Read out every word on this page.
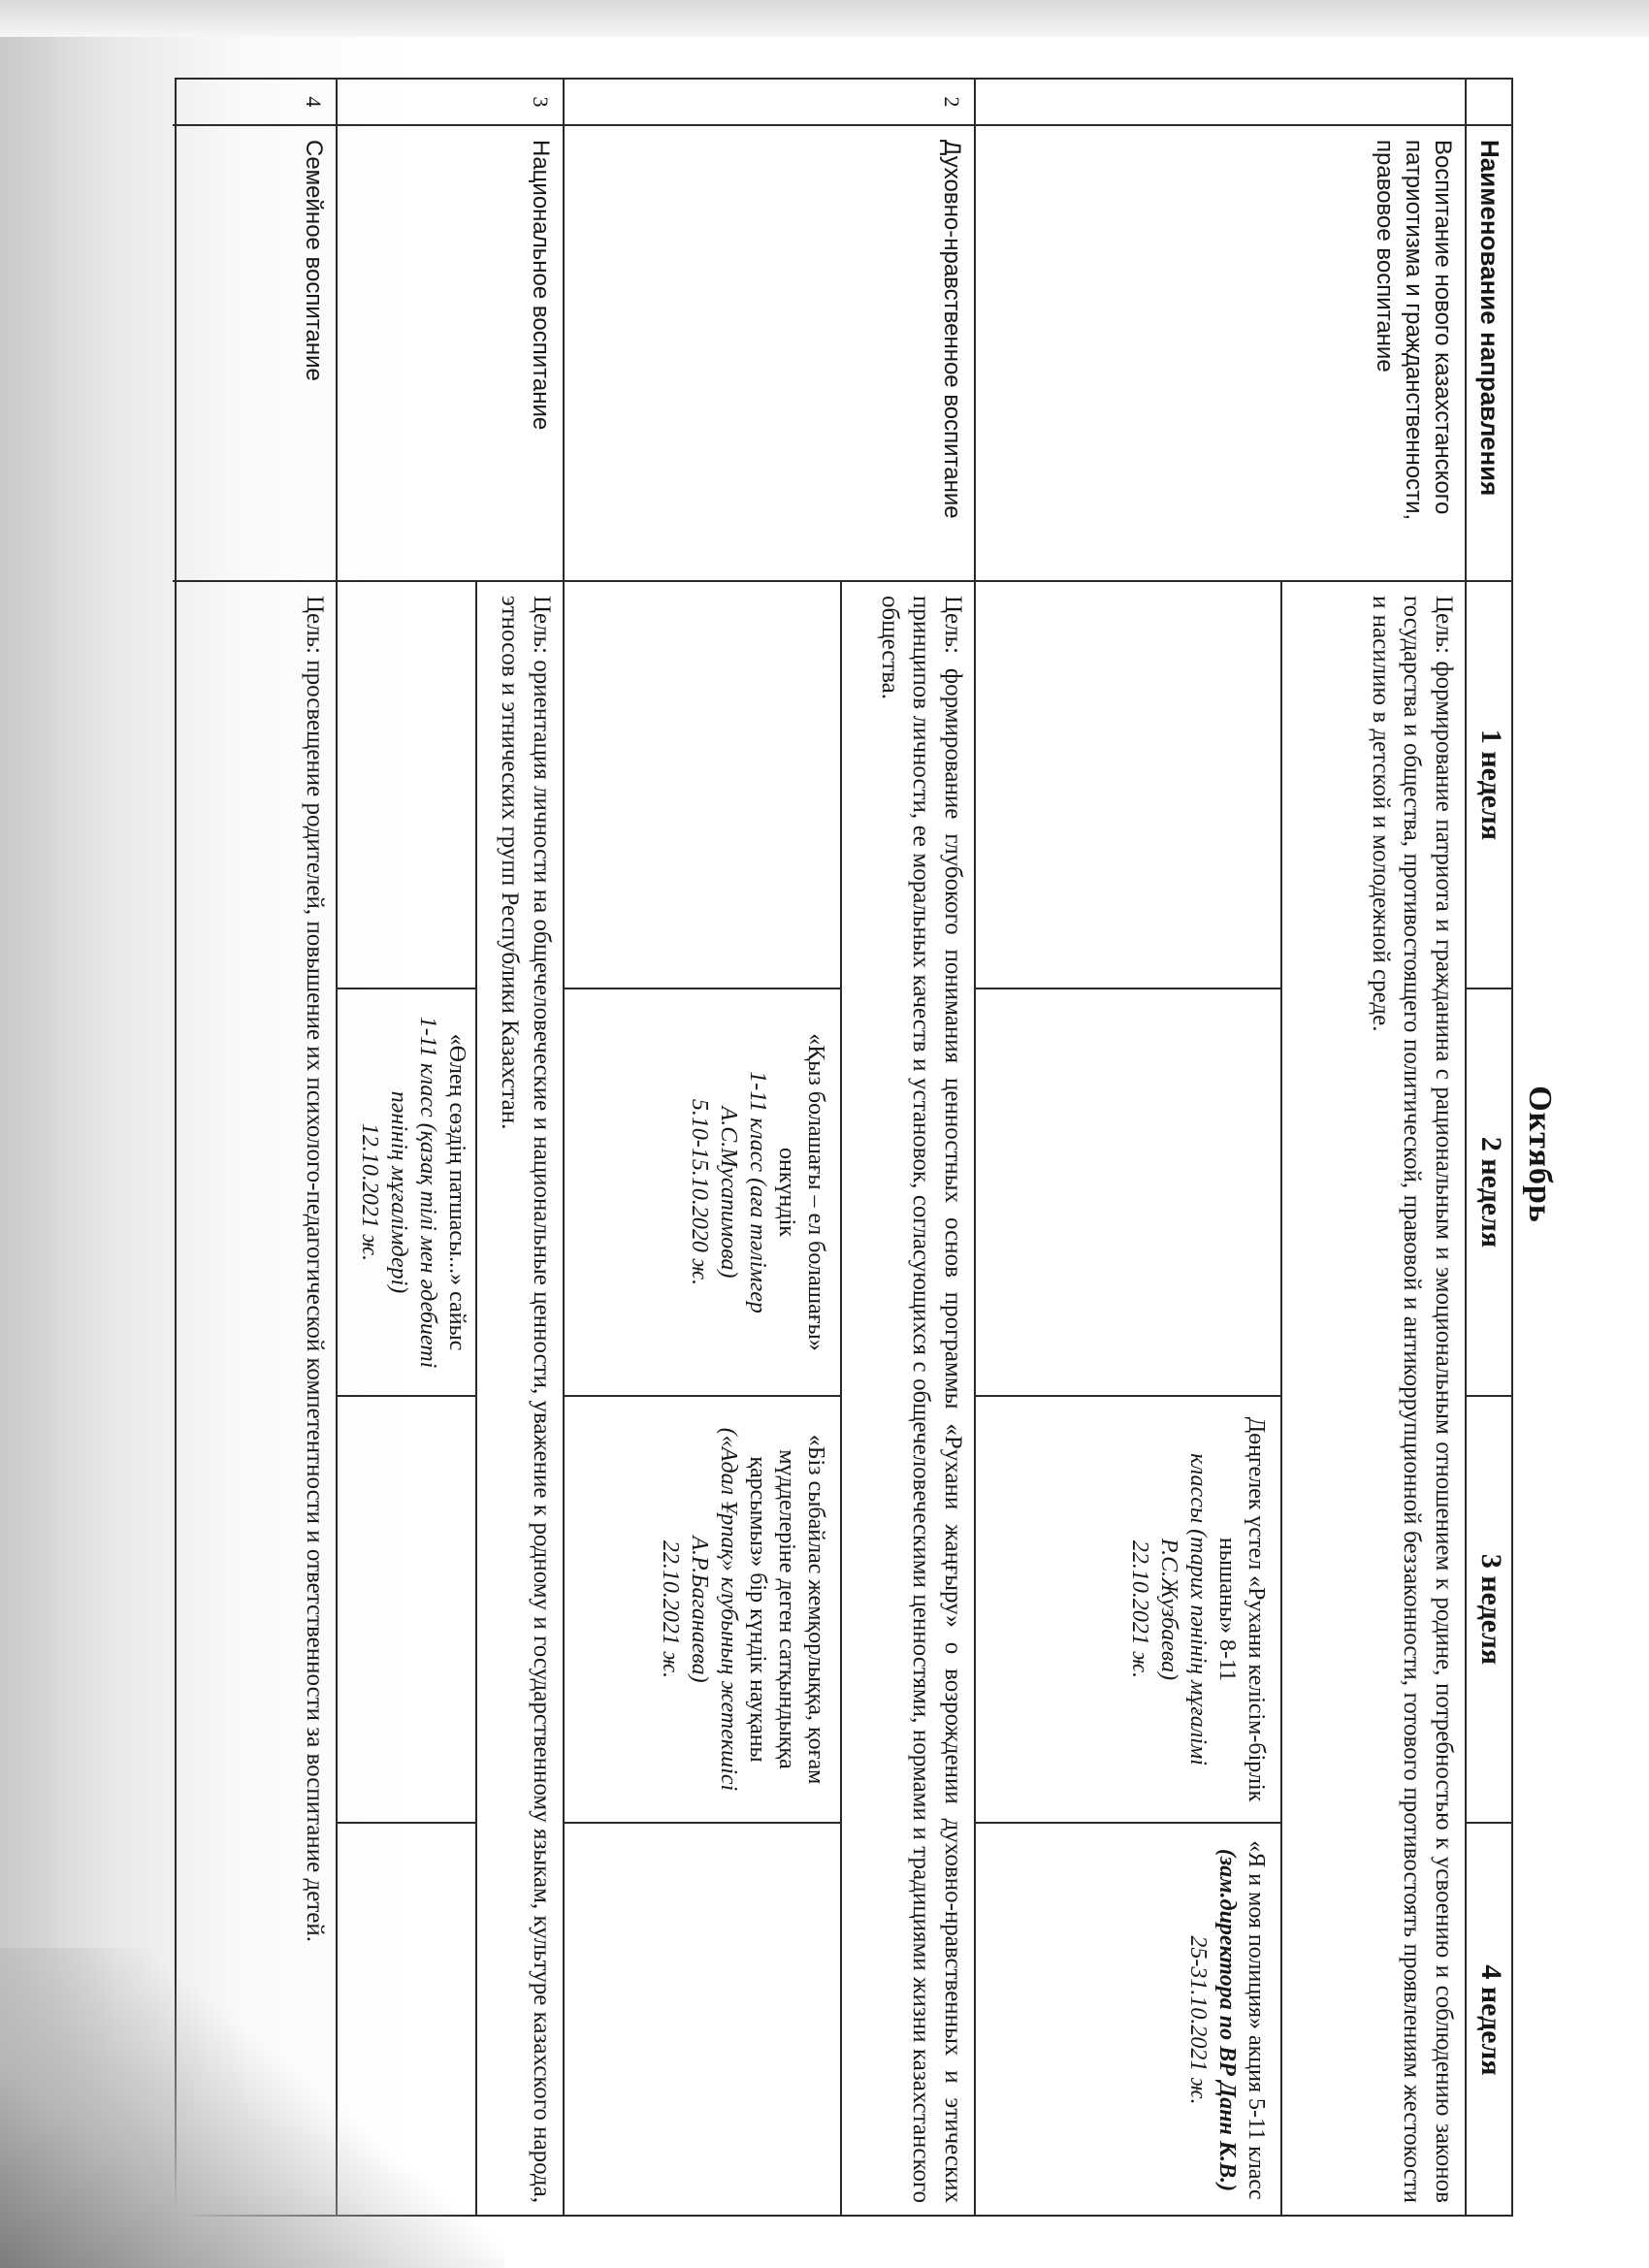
Октябрь
Наименование направления
1 неделя
2 неделя
3 неделя
4 неделя
Воспитание нового казахстанского патриотизма и гражданственности, правовое воспитание
Цель: формирование патриота и гражданина с рациональным и эмоциональным отношением к родине, потребностью к усвоению и соблюдению законов государства и общества, противостоящего политической, правовой и антикоррупционной беззаконности, готового противостоять проявлениям жестокости и насилию в детской и молодежной среде.
Дөңгелек үстел «Рухани келісім-бірлік нышаны» 8-11
классы (тарих пәнінің мұғалімі Р.С.Жузбаева)
22.10.2021 ж.
«Я и моя полиция» акция 5-11 класс
(зам.директора по ВР Данн К.В.)
25-31.10.2021 ж.
2
Духовно-нравственное воспитание
Цель: формирование глубокого понимания ценностных основ программы «Рухани жаңғыру» о возрождении духовно-нравственных и этических принципов личности, ее моральных качеств и установок, согласующихся с общечеловеческими ценностями, нормами и традициями жизни казахстанского общества.
«Қыз болашағы – ел болашағы» онкүндік
1-11 класс (аға тәлімгер А.С.Мусапимова)
5.10-15.10.2020 ж.
«Біз сыбайлас жемқорлыққа, қоғам мүдделеріне деген сатқындыққа қарсымыз» бір күндік науқаны
(«Адал Ұрпақ» клубының жетекшісі А.Р.Баганаева)
22.10.2021 ж.
3
Национальное воспитание
Цель: ориентация личности на общечеловеческие и национальные ценности, уважение к родному и государственному языкам, культуре казахского народа, этносов и этнических групп Республики Казахстан.
«Өлең сөздің патшасы...» сайыс
1-11 класс (қазақ тілі мен әдебиеті пәнінің мұғалімдері)
12.10.2021 ж.
4
Семейное воспитание
Цель: просвещение родителей, повышение их психолого-педагогической компетентности и ответственности за воспитание детей.
